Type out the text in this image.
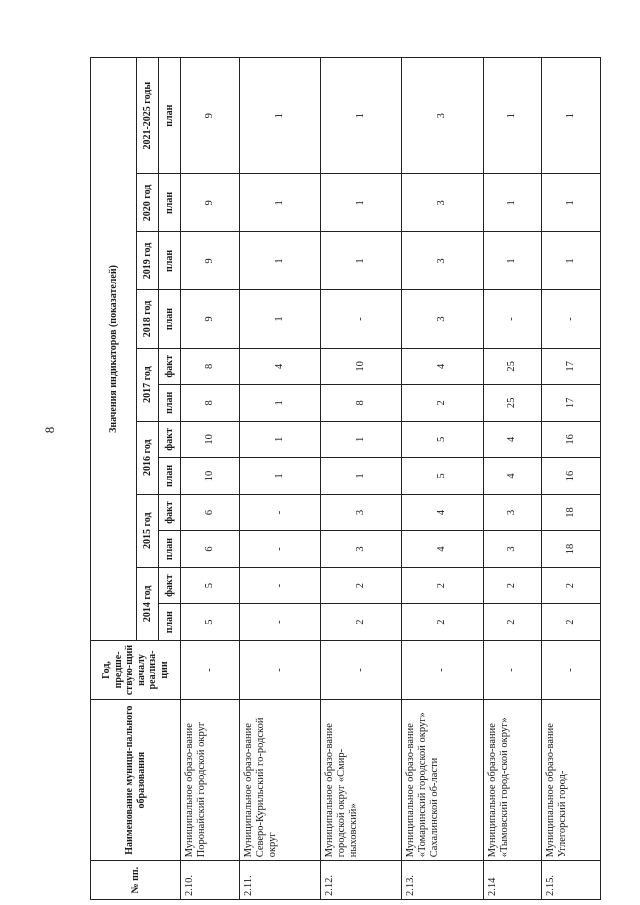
8
№ пп.	Наименование муници-пального образования	Год, предше-ствую-щий началу реализа-ции	Значения индикаторов (показателей)											
			2014 год		2015 год		2016 год		2017 год		2018 год	2019 год	2020 год	2021-2025 годы
			план	факт	план	факт	план	факт	план	факт	план	план	план	план
2.10.	Муниципальное образо-вание Поронайский городской округ	-	5	5	6	6	10	10	8	8	9	9	9	9
2.11.	Муниципальное образо-вание Северо-Курильский го-родской округ	-	-	-	-	-	1	1	1	4	1	1	1	1
2.12.	Муниципальное образо-вание городской округ «Смир-ныховский»	-	2	2	3	3	1	1	8	10	-	1	1	1
2.13.	Муниципальное образо-вание «Томаринский городской округ» Сахалинской об-ласти	-	2	2	4	4	5	5	2	4	3	3	3	3
2.14	Муниципальное образо-вание «Тымовский город-ской округ»	-	2	2	3	3	4	4	25	25	-	1	1	1
2.15.	Муниципальное образо-вание Углегорский город-	-	2	2	18	18	16	16	17	17	-	1	1	1
